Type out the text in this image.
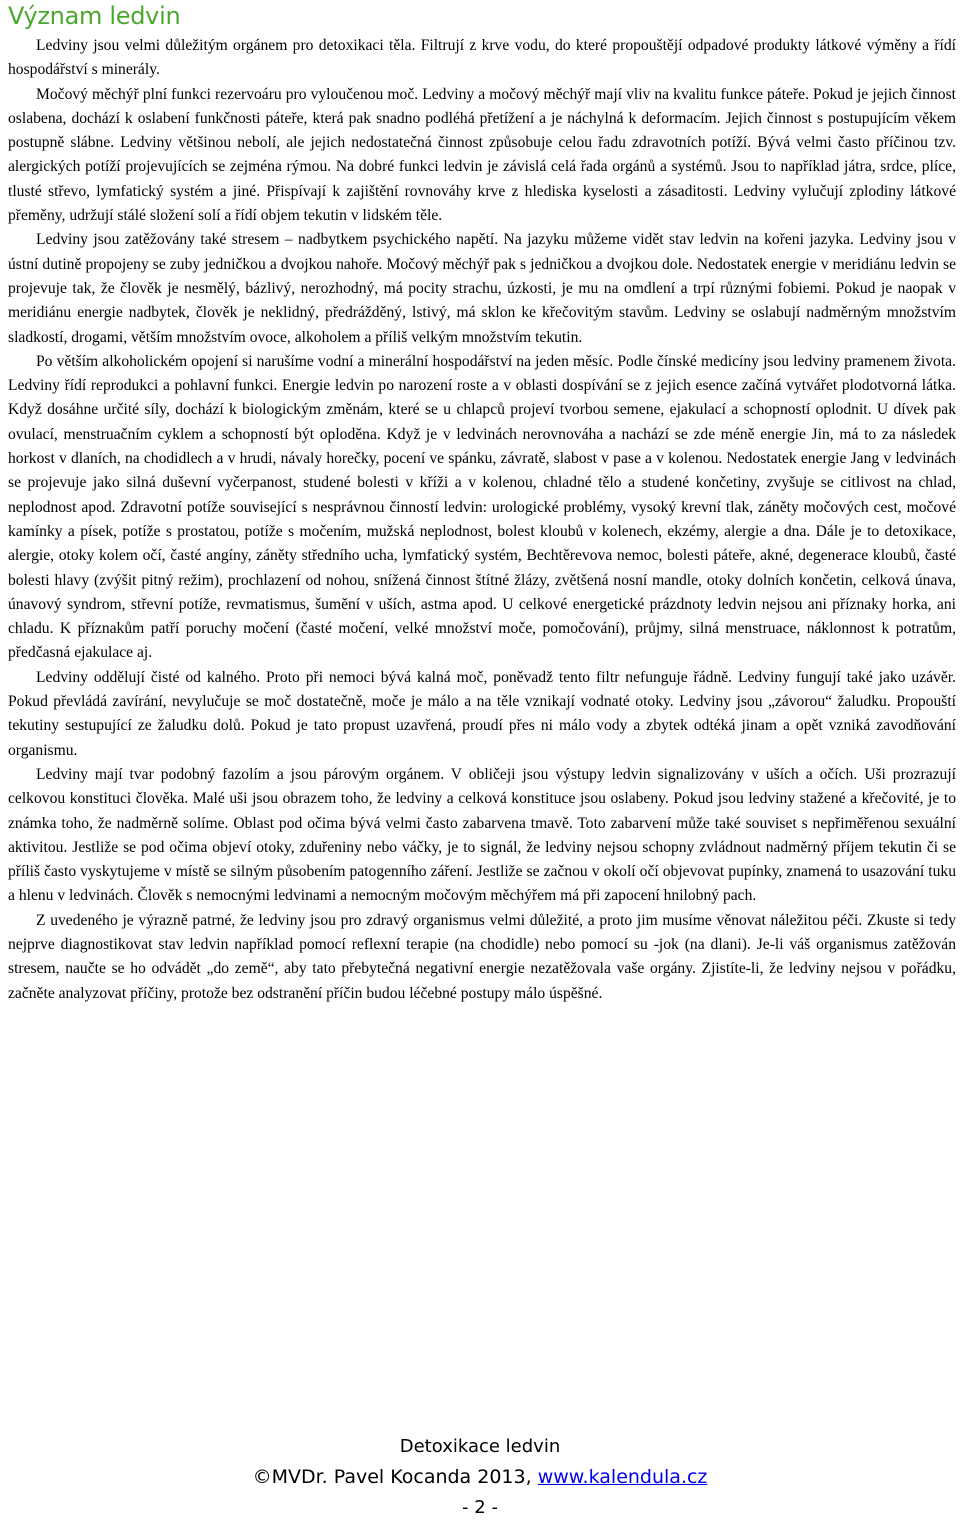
Význam ledvin

Ledviny jsou velmi důležitým orgánem pro detoxikaci těla. Filtrují z krve vodu, do které propouštějí odpadové produkty látkové výměny a řídí hospodářství s minerály.

Močový měchýř plní funkci rezervoáru pro vyloučenou moč. Ledviny a močový měchýř mají vliv na kvalitu funkce páteře. Pokud je jejich činnost oslabena, dochází k oslabení funkčnosti páteře, která pak snadno podléhá přetížení a je náchylná k deformacím. Jejich činnost s postupujícím věkem postupně slábne. Ledviny většinou nebolí, ale jejich nedostatečná činnost způsobuje celou řadu zdravotních potíží. Bývá velmi často příčinou tzv. alergických potíží projevujících se zejména rýmou. Na dobré funkci ledvin je závislá celá řada orgánů a systémů. Jsou to například játra, srdce, plíce, tlusté střevo, lymfatický systém a jiné. Přispívají k zajištění rovnováhy krve z hlediska kyselosti a zásaditosti. Ledviny vylučují zplodiny látkové přeměny, udržují stálé složení solí a řídí objem tekutin v lidském těle.

Ledviny jsou zatěžovány také stresem – nadbytkem psychického napětí. Na jazyku můžeme vidět stav ledvin na kořeni jazyka. Ledviny jsou v ústní dutině propojeny se zuby jedničkou a dvojkou nahoře. Močový měchýř pak s jedničkou a dvojkou dole. Nedostatek energie v meridiánu ledvin se projevuje tak, že člověk je nesmělý, bázlivý, nerozhodný, má pocity strachu, úzkosti, je mu na omdlení a trpí různými fobiemi. Pokud je naopak v meridiánu energie nadbytek, člověk je neklidný, předrážděný, lstivý, má sklon ke křečovitým stavům. Ledviny se oslabují nadměrným množstvím sladkostí, drogami, větším množstvím ovoce, alkoholem a příliš velkým množstvím tekutin.

Po větším alkoholickém opojení si narušíme vodní a minerální hospodářství na jeden měsíc. Podle čínské medicíny jsou ledviny pramenem života. Ledviny řídí reprodukci a pohlavní funkci. Energie ledvin po narození roste a v oblasti dospívání se z jejich esence začíná vytvářet plodotvorná látka. Když dosáhne určité síly, dochází k biologickým změnám, které se u chlapců projeví tvorbou semene, ejakulací a schopností oplodnit. U dívek pak ovulací, menstruačním cyklem a schopností být oploděna. Když je v ledvinách nerovnováha a nachází se zde méně energie Jin, má to za následek horkost v dlaních, na chodidlech a v hrudi, návaly horečky, pocení ve spánku, závratě, slabost v pase a v kolenou. Nedostatek energie Jang v ledvinách se projevuje jako silná duševní vyčerpanost, studené bolesti v kříži a v kolenou, chladné tělo a studené končetiny, zvyšuje se citlivost na chlad, neplodnost apod. Zdravotní potíže související s nesprávnou činností ledvin: urologické problémy, vysoký krevní tlak, záněty močových cest, močové kamínky a písek, potíže s prostatou, potíže s močením, mužská neplodnost, bolest kloubů v kolenech, ekzémy, alergie a dna. Dále je to detoxikace, alergie, otoky kolem očí, časté angíny, záněty středního ucha, lymfatický systém, Bechtěrevova nemoc, bolesti páteře, akné, degenerace kloubů, časté bolesti hlavy (zvýšit pitný režim), prochlazení od nohou, snížená činnost štítné žlázy, zvětšená nosní mandle, otoky dolních končetin, celková únava, únavový syndrom, střevní potíže, revmatismus, šumění v uších, astma apod. U celkové energetické prázdnoty ledvin nejsou ani příznaky horka, ani chladu. K příznakům patří poruchy močení (časté močení, velké množství moče, pomočování), průjmy, silná menstruace, náklonnost k potratům, předčasná ejakulace aj.

Ledviny oddělují čisté od kalného. Proto při nemoci bývá kalná moč, poněvadž tento filtr nefunguje řádně. Ledviny fungují také jako uzávěr. Pokud převládá zavírání, nevylučuje se moč dostatečně, moče je málo a na těle vznikají vodnaté otoky. Ledviny jsou „závorou“ žaludku. Propouští tekutiny sestupující ze žaludku dolů. Pokud je tato propust uzavřená, proudí přes ni málo vody a zbytek odtéká jinam a opět vzniká zavodňování organismu.

Ledviny mají tvar podobný fazolím a jsou párovým orgánem. V obličeji jsou výstupy ledvin signalizovány v uších a očích. Uši prozrazují celkovou konstituci člověka. Malé uši jsou obrazem toho, že ledviny a celková konstituce jsou oslabeny. Pokud jsou ledviny stažené a křečovité, je to známka toho, že nadměrně solíme. Oblast pod očima bývá velmi často zabarvena tmavě. Toto zabarvení může také souviset s nepřiměřenou sexuální aktivitou. Jestliže se pod očima objeví otoky, zduřeniny nebo váčky, je to signál, že ledviny nejsou schopny zvládnout nadměrný příjem tekutin či se příliš často vyskytujeme v místě se silným působením patogenního záření. Jestliže se začnou v okolí očí objevovat pupínky, znamená to usazování tuku a hlenu v ledvinách. Člověk s nemocnými ledvinami a nemocným močovým měchýřem má při zapocení hnilobný pach.

Z uvedeného je výrazně patrné, že ledviny jsou pro zdravý organismus velmi důležité, a proto jim musíme věnovat náležitou péči. Zkuste si tedy nejprve diagnostikovat stav ledvin například pomocí reflexní terapie (na chodidle) nebo pomocí su -jok (na dlani). Je-li váš organismus zatěžován stresem, naučte se ho odvádět „do země“, aby tato přebytečná negativní energie nezatěžovala vaše orgány. Zjistíte-li, že ledviny nejsou v pořádku, začněte analyzovat příčiny, protože bez odstranění příčin budou léčebné postupy málo úspěšné.

Detoxikace ledvin
©MVDr. Pavel Kocanda 2013, www.kalendula.cz
- 2 -
